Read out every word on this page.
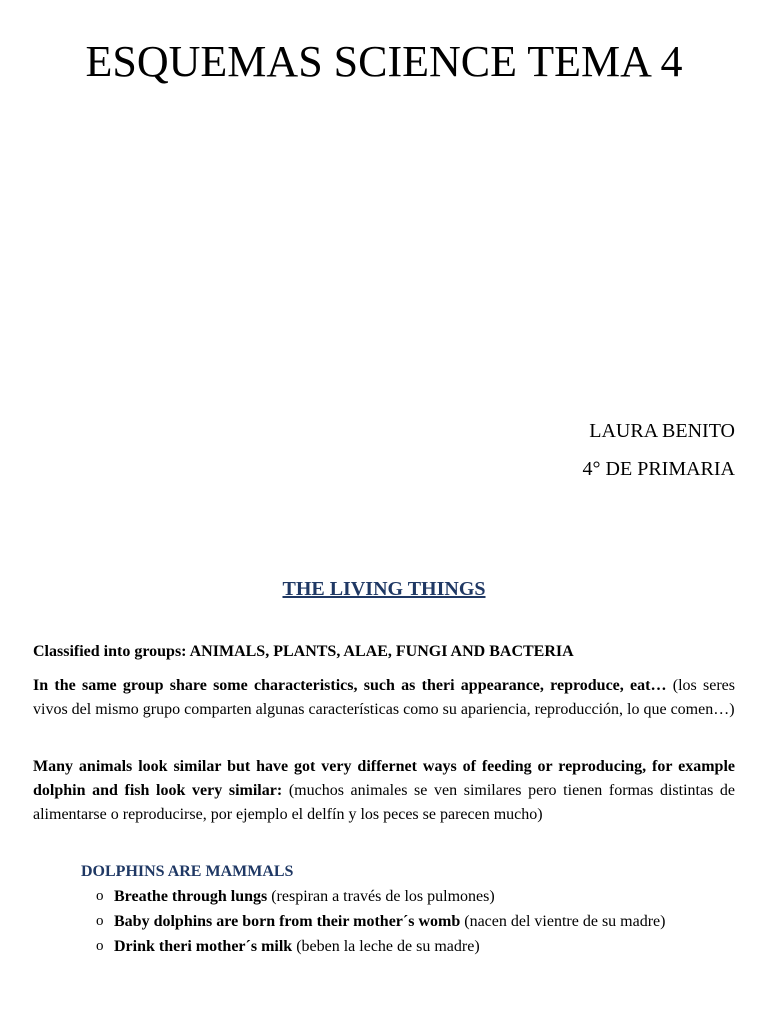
ESQUEMAS SCIENCE TEMA 4
LAURA BENITO
4° DE PRIMARIA
THE LIVING THINGS

Classified into groups: ANIMALS, PLANTS, ALAE, FUNGI AND BACTERIA

In the same group share some characteristics, such as theri appearance, reproduce, eat… (los seres vivos del mismo grupo comparten algunas características como su apariencia, reproducción, lo que comen…)

Many animals look similar but have got very differnet ways of feeding or reproducing, for example dolphin and fish look very similar: (muchos animales se ven similares pero tienen formas distintas de alimentarse o reproducirse, por ejemplo el delfín y los peces se parecen mucho)

DOLPHINS ARE MAMMALS
o Breathe through lungs (respiran a través de los pulmones)
o Baby dolphins are born from their mother´s womb (nacen del vientre de su madre)
o Drink theri mother´s milk (beben la leche de su madre)
